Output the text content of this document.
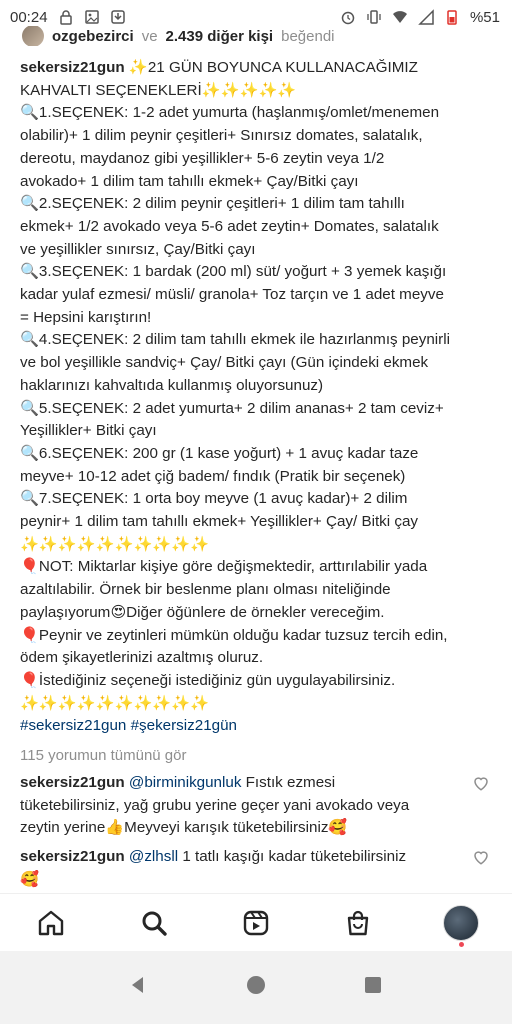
00:24	%51
ozgebezirci ve 2.439 diğer kişi beğendi
sekersiz21gun ✨21 GÜN BOYUNCA KULLANACAĞIMIZ
KAHVALTI SEÇENEKLERİ✨✨✨✨✨
🔍1.SEÇENEK: 1-2 adet yumurta (haşlanmış/omlet/menemen
olabilir)+ 1 dilim peynir çeşitleri+ Sınırsız domates, salatalık,
dereotu, maydanoz gibi yeşillikler+ 5-6 zeytin veya 1/2
avokado+ 1 dilim tam tahıllı ekmek+ Çay/Bitki çayı
🔍2.SEÇENEK: 2 dilim peynir çeşitleri+ 1 dilim tam tahıllı
ekmek+ 1/2 avokado veya 5-6 adet zeytin+ Domates, salatalık
ve yeşillikler sınırsız, Çay/Bitki çayı
🔍3.SEÇENEK: 1 bardak (200 ml) süt/ yoğurt + 3 yemek kaşığı
kadar yulaf ezmesi/ müsli/ granola+ Toz tarçın ve 1 adet meyve
= Hepsini karıştırın!
🔍4.SEÇENEK: 2 dilim tam tahıllı ekmek ile hazırlanmış peynirli
ve bol yeşillikle sandviç+ Çay/ Bitki çayı (Gün içindeki ekmek
haklarınızı kahvaltıda kullanmış oluyorsunuz)
🔍5.SEÇENEK: 2 adet yumurta+ 2 dilim ananas+ 2 tam ceviz+
Yeşillikler+ Bitki çayı
🔍6.SEÇENEK: 200 gr (1 kase yoğurt) + 1 avuç kadar taze
meyve+ 10-12 adet çiğ badem/ fındık (Pratik bir seçenek)
🔍7.SEÇENEK: 1 orta boy meyve (1 avuç kadar)+ 2 dilim
peynir+ 1 dilim tam tahıllı ekmek+ Yeşillikler+ Çay/ Bitki çay
✨✨✨✨✨✨✨✨✨✨
🎈NOT: Miktarlar kişiye göre değişmektedir, arttırılabilir yada
azaltılabilir. Örnek bir beslenme planı olması niteliğinde
paylaşıyorum😍Diğer öğünlere de örnekler vereceğim.
🎈Peynir ve zeytinleri mümkün olduğu kadar tuzsuz tercih edin,
ödem şikayetlerinizi azaltmış oluruz.
🎈İstediğiniz seçeneği istediğiniz gün uygulayabilirsiniz.
✨✨✨✨✨✨✨✨✨✨
#sekersiz21gun #şekersiz21gün
115 yorumun tümünü gör
sekersiz21gun @birminikgunluk Fıstık ezmesi
tüketebilirsiniz, yağ grubu yerine geçer yani avokado veya
zeytin yerine👍Meyveyi karışık tüketebilirsiniz🥰
sekersiz21gun @zlhsll 1 tatlı kaşığı kadar tüketebilirsiniz
🥰
